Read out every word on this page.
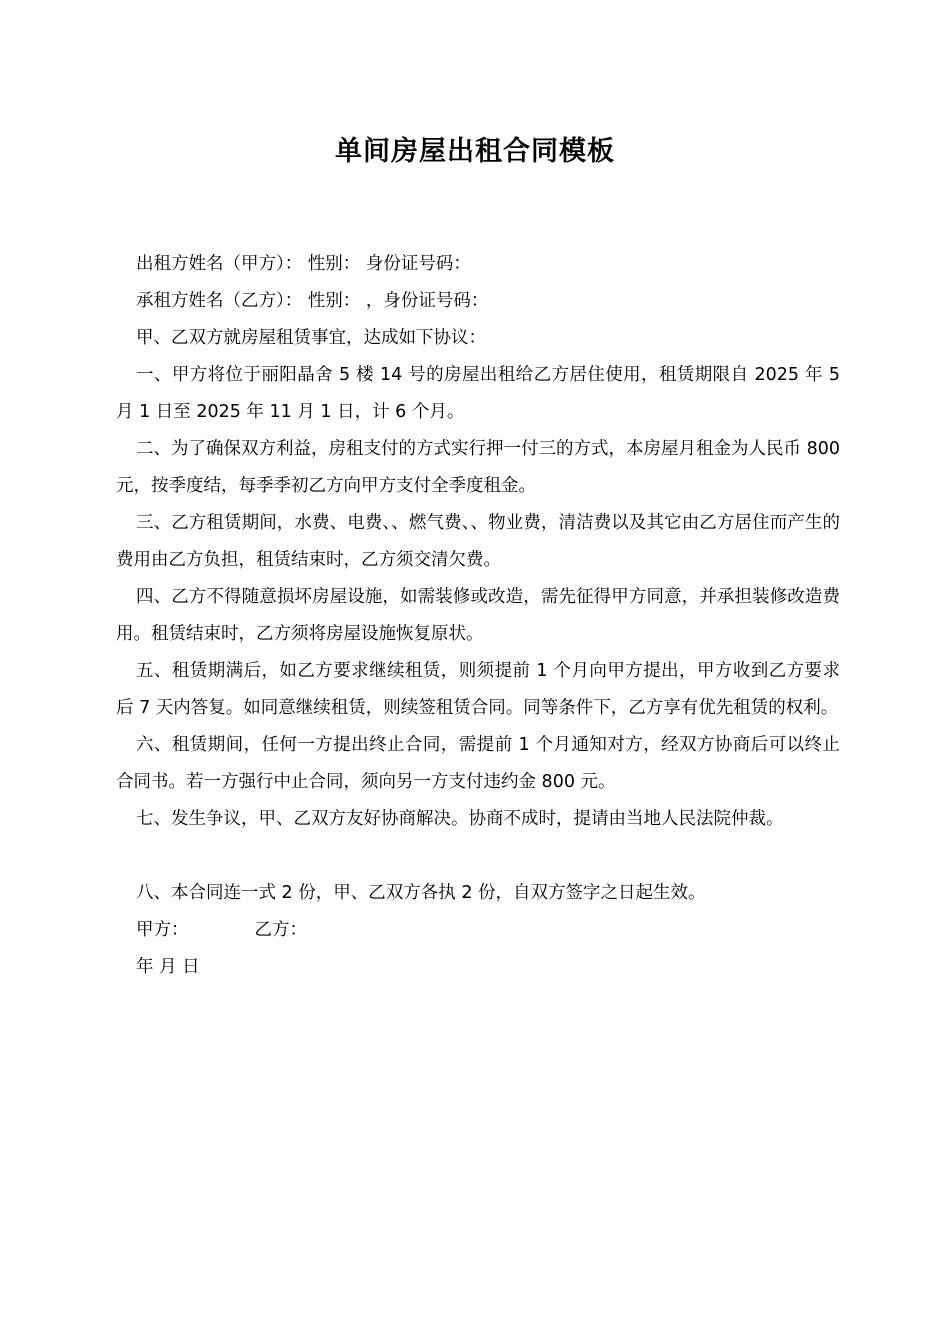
单间房屋出租合同模板

出租方姓名（甲方）： 性别： 身份证号码：

承租方姓名（乙方）： 性别： ，身份证号码：

甲、乙双方就房屋租赁事宜，达成如下协议：

一、甲方将位于丽阳晶舍 5 楼 14 号的房屋出租给乙方居住使用，租赁期限自 2025 年 5 月 1 日至 2025 年 11 月 1 日，计 6 个月。

二、为了确保双方利益，房租支付的方式实行押一付三的方式，本房屋月租金为人民币 800 元，按季度结，每季季初乙方向甲方支付全季度租金。

三、乙方租赁期间，水费、电费、、燃气费、、物业费，清洁费以及其它由乙方居住而产生的费用由乙方负担，租赁结束时，乙方须交清欠费。

四、乙方不得随意损坏房屋设施，如需装修或改造，需先征得甲方同意，并承担装修改造费用。租赁结束时，乙方须将房屋设施恢复原状。

五、租赁期满后，如乙方要求继续租赁，则须提前 1 个月向甲方提出，甲方收到乙方要求后 7 天内答复。如同意继续租赁，则续签租赁合同。同等条件下，乙方享有优先租赁的权利。

六、租赁期间，任何一方提出终止合同，需提前 1 个月通知对方，经双方协商后可以终止合同书。若一方强行中止合同，须向另一方支付违约金 800 元。

七、发生争议，甲、乙双方友好协商解决。协商不成时，提请由当地人民法院仲裁。

八、本合同连一式 2 份，甲、乙双方各执 2 份，自双方签字之日起生效。

甲方：	乙方：

年 月 日
